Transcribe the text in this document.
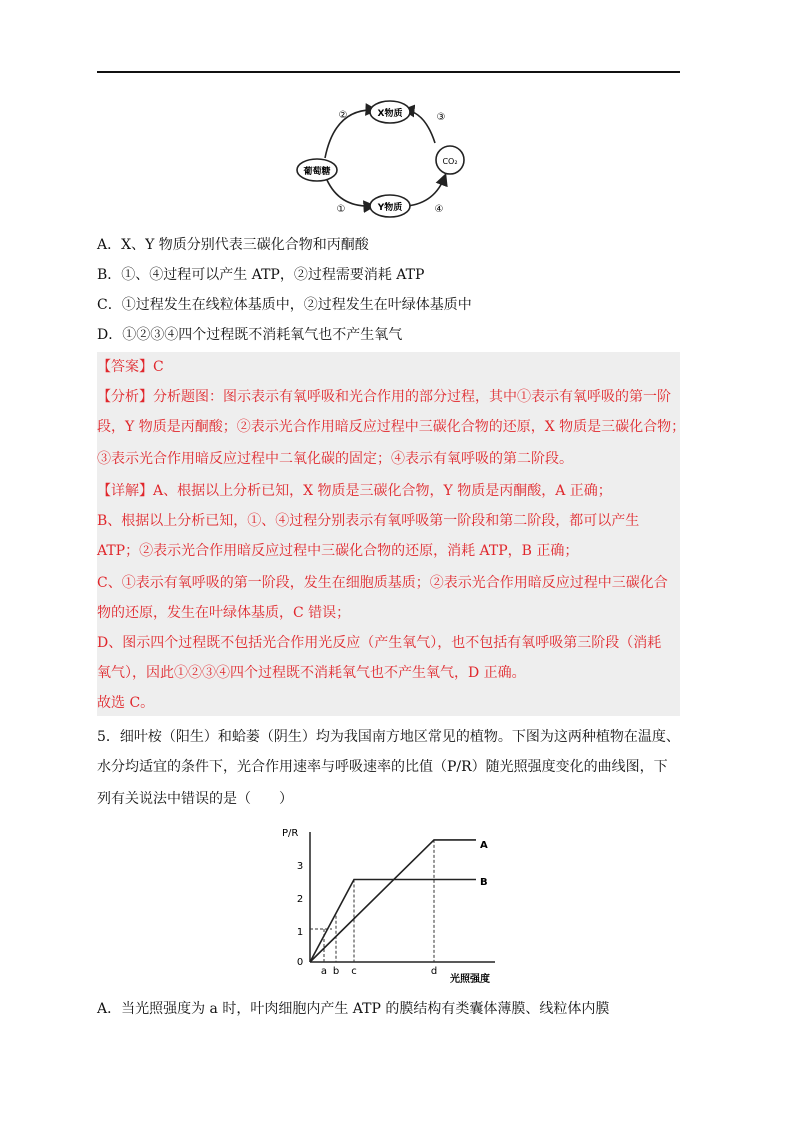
X物质
葡萄糖
CO₂
Y物质
②	③
①	④
A．X、Y 物质分别代表三碳化合物和丙酮酸
B．①、④过程可以产生 ATP，②过程需要消耗 ATP
C．①过程发生在线粒体基质中，②过程发生在叶绿体基质中
D．①②③④四个过程既不消耗氧气也不产生氧气
【答案】C
【分析】分析题图：图示表示有氧呼吸和光合作用的部分过程，其中①表示有氧呼吸的第一阶
段，Y 物质是丙酮酸；②表示光合作用暗反应过程中三碳化合物的还原，X 物质是三碳化合物；
③表示光合作用暗反应过程中二氧化碳的固定；④表示有氧呼吸的第二阶段。
【详解】A、根据以上分析已知，X 物质是三碳化合物，Y 物质是丙酮酸，A 正确；
B、根据以上分析已知，①、④过程分别表示有氧呼吸第一阶段和第二阶段，都可以产生
ATP；②表示光合作用暗反应过程中三碳化合物的还原，消耗 ATP，B 正确；
C、①表示有氧呼吸的第一阶段，发生在细胞质基质；②表示光合作用暗反应过程中三碳化合
物的还原，发生在叶绿体基质，C 错误；
D、图示四个过程既不包括光合作用光反应（产生氧气），也不包括有氧呼吸第三阶段（消耗
氧气），因此①②③④四个过程既不消耗氧气也不产生氧气，D 正确。
故选 C。
5．细叶桉（阳生）和蛤蒌（阴生）均为我国南方地区常见的植物。下图为这两种植物在温度、
水分均适宜的条件下，光合作用速率与呼吸速率的比值（P/R）随光照强度变化的曲线图，下
列有关说法中错误的是（　　）
P/R
光照强度
0
1
2
3
a b c	d
A
B
A．当光照强度为 a 时，叶肉细胞内产生 ATP 的膜结构有类囊体薄膜、线粒体内膜
